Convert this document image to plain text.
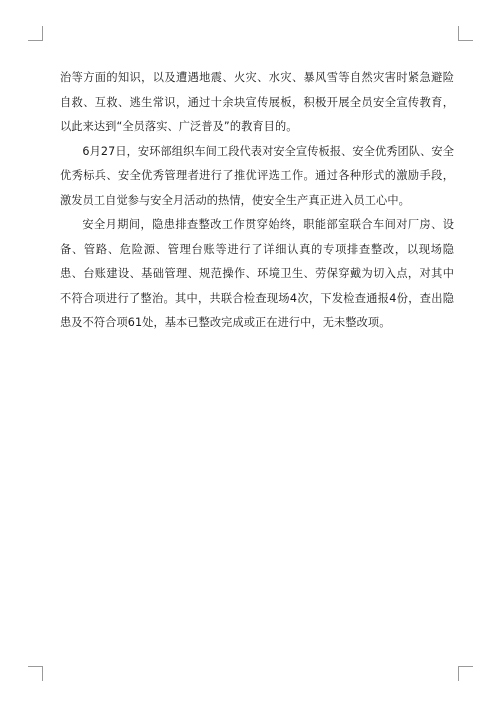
治等方面的知识，以及遭遇地震、火灾、水灾、暴风雪等自然灾害时紧急避险自救、互救、逃生常识，通过十余块宣传展板，积极开展全员安全宣传教育，以此来达到“全员落实、广泛普及”的教育目的。

6月27日，安环部组织车间工段代表对安全宣传板报、安全优秀团队、安全优秀标兵、安全优秀管理者进行了推优评选工作。通过各种形式的激励手段，激发员工自觉参与安全月活动的热情，使安全生产真正进入员工心中。

安全月期间，隐患排查整改工作贯穿始终，职能部室联合车间对厂房、设备、管路、危险源、管理台账等进行了详细认真的专项排查整改，以现场隐患、台账建设、基础管理、规范操作、环境卫生、劳保穿戴为切入点，对其中不符合项进行了整治。其中，共联合检查现场4次，下发检查通报4份，查出隐患及不符合项61处，基本已整改完成或正在进行中，无未整改项。
